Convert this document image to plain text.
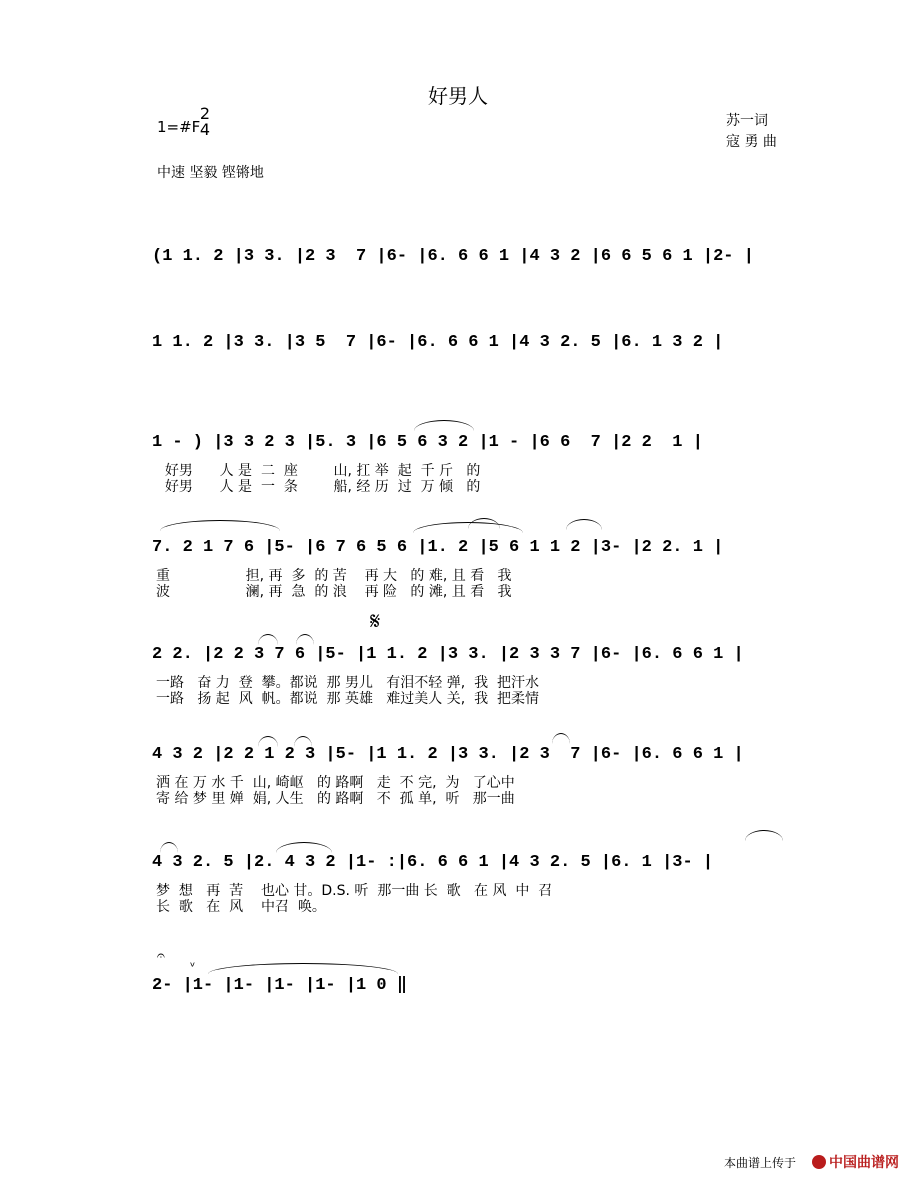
好男人
1=#F
2
4	苏一词
寇 勇 曲
中速 坚毅 铿锵地
(1 1. 2 |3 3. |2 3  7 |6- |6. 6 6 1 |4 3 2 |6 6 5 6 1 |2- |
1 1. 2 |3 3. |3 5  7 |6- |6. 6 6 1 |4 3 2. 5 |6. 1 3 2 |
1 - ) |3 3 2 3 |5. 3 |6 5 6 3 2 |1 - |6 6  7 |2 2  1 |
好男      人 是  二  座        山, 扛 举  起  千 斤   的
好男      人 是  一  条        船, 经 历  过  万 倾   的
7. 2 1 7 6 |5- |6 7 6 5 6 |1. 2 |5 6 1 1 2 |3- |2 2. 1 |
重                 担, 再  多  的 苦    再 大   的 难, 且 看   我
波                 澜, 再  急  的 浪    再 险   的 滩, 且 看   我
2 2. |2 2 3 7 6 |5- |1 1. 2 |3 3. |2 3 3 7 |6- |6. 6 6 1 |
一路   奋 力  登  攀。都说  那 男儿   有泪不轻 弹,  我  把汗水
一路   扬 起  风  帆。都说  那 英雄   难过美人 关,  我  把柔情
4 3 2 |2 2 1 2 3 |5- |1 1. 2 |3 3. |2 3  7 |6- |6. 6 6 1 |
洒 在 万 水 千  山, 崎岖   的 路啊   走  不 完,  为   了心中
寄 给 梦 里 婵  娟, 人生   的 路啊   不  孤 单,  听   那一曲
4 3 2. 5 |2. 4 3 2 |1- :|6. 6 6 1 |4 3 2. 5 |6. 1 |3- |
梦  想   再  苦    也心 甘。D.S. 听  那一曲 长  歌   在 风  中  召
长  歌   在  风    中召  唤。
2- |1- |1- |1- |1- |1 0 ‖
𝄋
𝄐
ᵛ
本曲谱上传于	中国曲谱网
